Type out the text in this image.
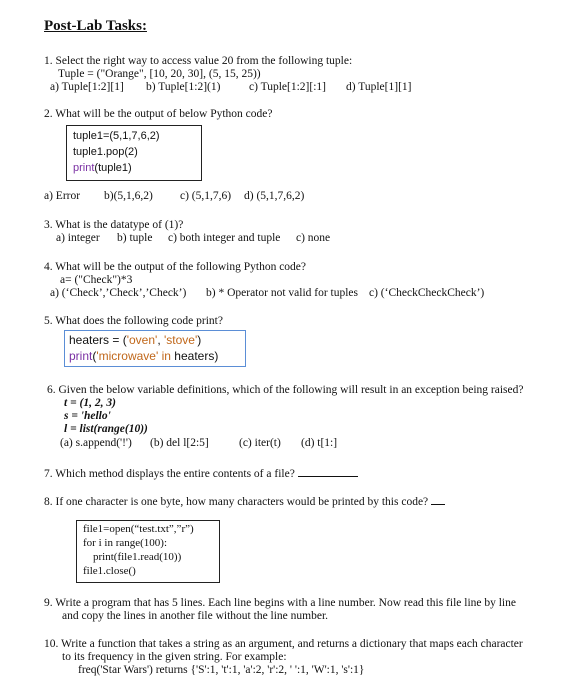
Post-Lab Tasks:
1. Select the right way to access value 20 from the following tuple:
Tuple = ("Orange", [10, 20, 30], (5, 15, 25))
a) Tuple[1:2][1] b) Tuple[1:2](1) c) Tuple[1:2][:1] d) Tuple[1][1]
2. What will be the output of below Python code?
tuple1=(5,1,7,6,2)
tuple1.pop(2)
print(tuple1)
a) Error b)(5,1,6,2) c) (5,1,7,6) d) (5,1,7,6,2)
3. What is the datatype of (1)?
a) integer b) tuple c) both integer and tuple c) none
4. What will be the output of the following Python code?
a= ("Check")*3
a) (‘Check’,’Check’,’Check’) b) * Operator not valid for tuples c) (‘CheckCheckCheck’)
5. What does the following code print?
heaters = ('oven', 'stove')
print('microwave' in heaters)
6. Given the below variable definitions, which of the following will result in an exception being raised?
t = (1, 2, 3)
s = 'hello'
l = list(range(10))
(a) s.append('!') (b) del l[2:5]	(c) iter(t) (d) t[1:]
7. Which method displays the entire contents of a file?
8. If one character is one byte, how many characters would be printed by this code?
file1=open(“test.txt”,”r”)
for i in range(100):
print(file1.read(10))
file1.close()
9. Write a program that has 5 lines. Each line begins with a line number. Now read this file line by line
and copy the lines in another file without the line number.
10. Write a function that takes a string as an argument, and returns a dictionary that maps each character
to its frequency in the given string. For example:
freq('Star Wars') returns {'S':1, 't':1, 'a':2, 'r':2, ' ':1, 'W':1, 's':1}
